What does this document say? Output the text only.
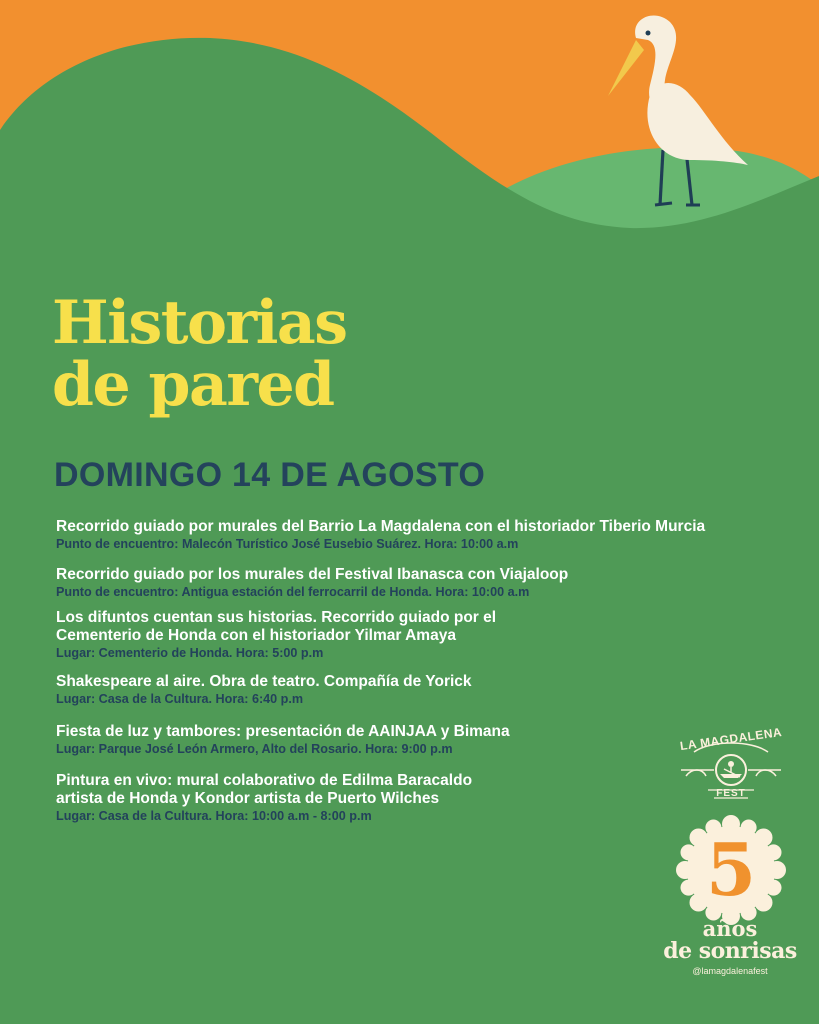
Historias
de pared
DOMINGO 14 DE AGOSTO
Recorrido guiado por murales del Barrio La Magdalena con el historiador Tiberio Murcia
Punto de encuentro: Malecón Turístico José Eusebio Suárez. Hora: 10:00 a.m
Recorrido guiado por los murales del Festival Ibanasca con Viajaloop
Punto de encuentro: Antigua estación del ferrocarril de Honda. Hora: 10:00 a.m
Los difuntos cuentan sus historias. Recorrido guiado por el
Cementerio de Honda con el historiador Yilmar Amaya
Lugar: Cementerio de Honda. Hora: 5:00 p.m
Shakespeare al aire. Obra de teatro. Compañía de Yorick
Lugar: Casa de la Cultura. Hora: 6:40 p.m
Fiesta de luz y tambores: presentación de AAINJAA y Bimana
Lugar: Parque José León Armero, Alto del Rosario. Hora: 9:00 p.m
Pintura en vivo: mural colaborativo de Edilma Baracaldo
artista de Honda y Kondor artista de Puerto Wilches
Lugar: Casa de la Cultura. Hora: 10:00 a.m - 8:00 p.m
LA MAGDALENA
FEST
5
años
de sonrisas
@lamagdalenafest
